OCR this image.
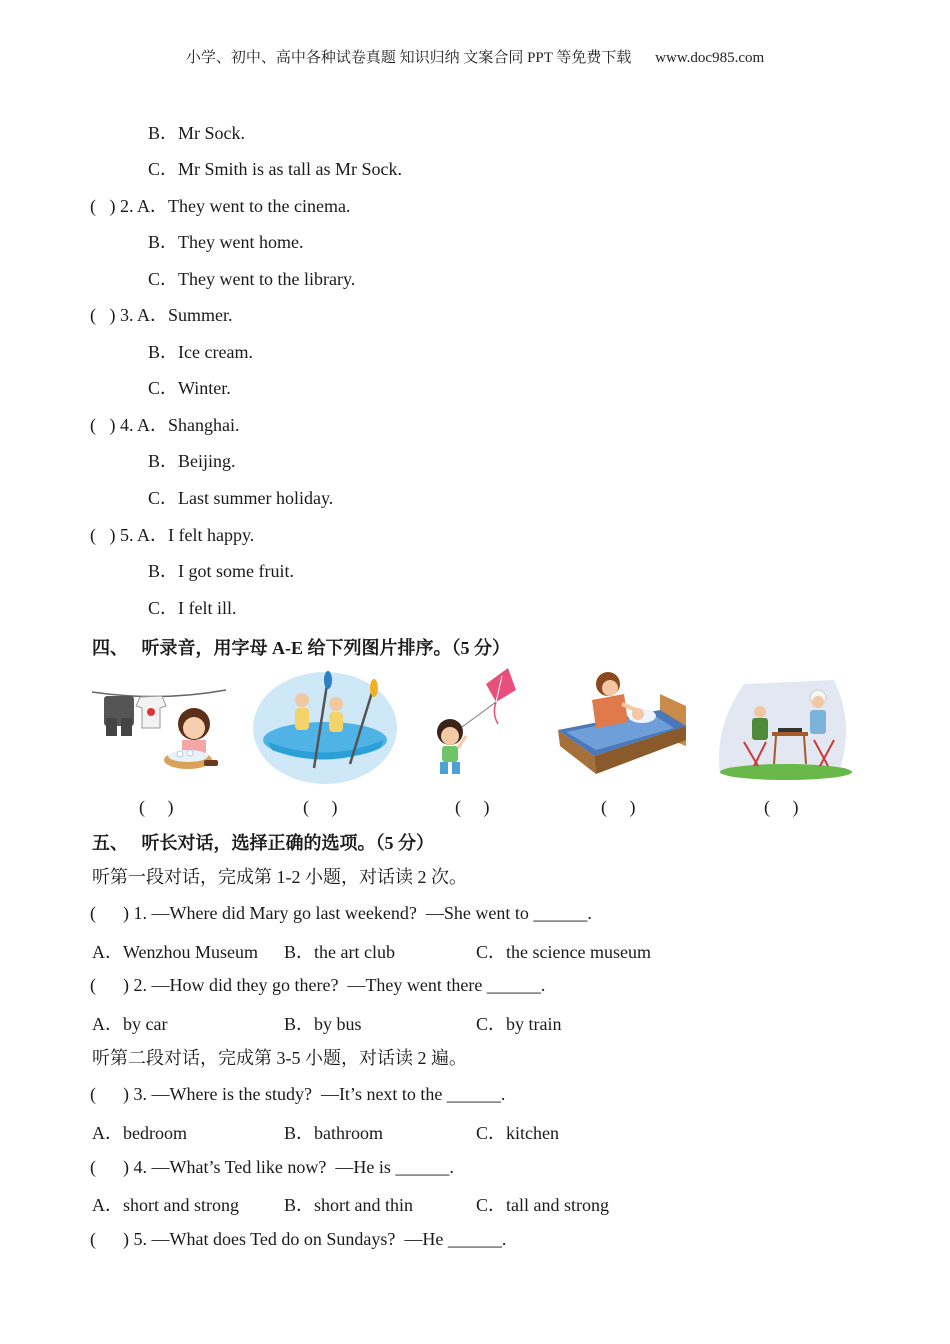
小学、初中、高中各种试卷真题 知识归纳 文案合同 PPT 等免费下载 www.doc985.com
B．Mr Sock.
C．Mr Smith is as tall as Mr Sock.
(   ) 2. A．They went to the cinema.
B．They went home.
C．They went to the library.
(   ) 3. A．Summer.
B．Ice cream.
C．Winter.
(   ) 4. A．Shanghai.
B．Beijing.
C．Last summer holiday.
(   ) 5. A．I felt happy.
B．I got some fruit.
C．I felt ill.
四、   听录音，用字母 A-E 给下列图片排序。（5 分）
(     )	(     )	(     )	(     )	(     )
五、   听长对话，选择正确的选项。（5 分）
听第一段对话，完成第 1-2 小题，对话读 2 次。
(      ) 1. —Where did Mary go last weekend?  —She went to ______.
A．Wenzhou Museum B．the art club	C．the science museum
(      ) 2. —How did they go there?  —They went there ______.
A．by car	B．by bus	C．by train
听第二段对话，完成第 3-5 小题，对话读 2 遍。
(      ) 3. —Where is the study?  —It’s next to the ______.
A．bedroom	B．bathroom	C．kitchen
(      ) 4. —What’s Ted like now?  —He is ______.
A．short and strong	B．short and thin	C．tall and strong
(      ) 5. —What does Ted do on Sundays?  —He ______.
